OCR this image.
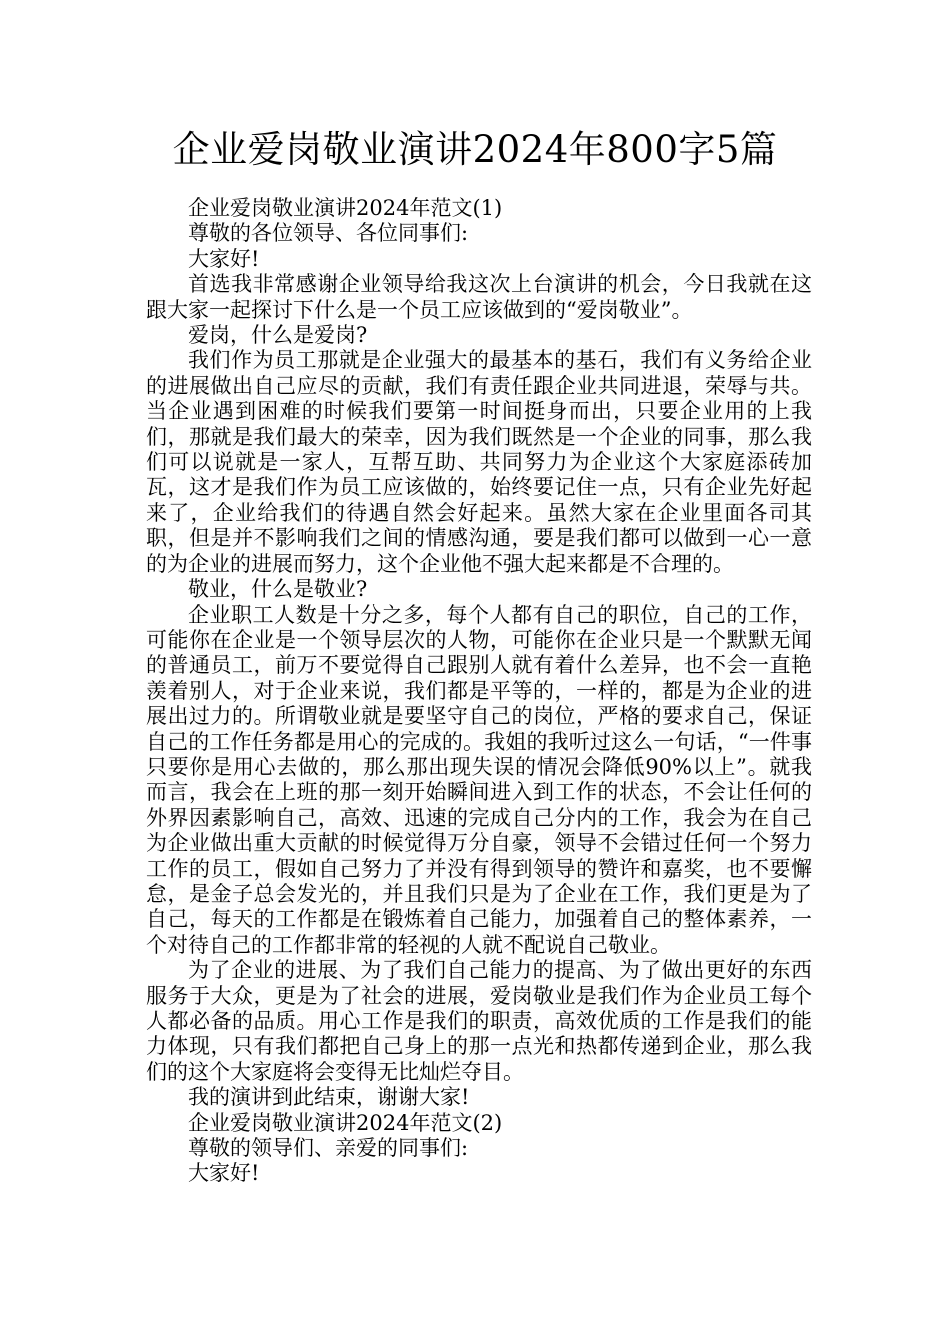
企业爱岗敬业演讲2024年800字5篇

企业爱岗敬业演讲2024年范文(1)

尊敬的各位领导、各位同事们:

大家好!

首选我非常感谢企业领导给我这次上台演讲的机会，今日我就在这跟大家一起探讨下什么是一个员工应该做到的“爱岗敬业”。

爱岗，什么是爱岗?

我们作为员工那就是企业强大的最基本的基石，我们有义务给企业的进展做出自己应尽的贡献，我们有责任跟企业共同进退，荣辱与共。当企业遇到困难的时候我们要第一时间挺身而出，只要企业用的上我们，那就是我们最大的荣幸，因为我们既然是一个企业的同事，那么我们可以说就是一家人，互帮互助、共同努力为企业这个大家庭添砖加瓦，这才是我们作为员工应该做的，始终要记住一点，只有企业先好起来了，企业给我们的待遇自然会好起来。虽然大家在企业里面各司其职，但是并不影响我们之间的情感沟通，要是我们都可以做到一心一意的为企业的进展而努力，这个企业他不强大起来都是不合理的。

敬业，什么是敬业?

企业职工人数是十分之多，每个人都有自己的职位，自己的工作，可能你在企业是一个领导层次的人物，可能你在企业只是一个默默无闻的普通员工，前万不要觉得自己跟别人就有着什么差异，也不会一直艳羡着别人，对于企业来说，我们都是平等的，一样的，都是为企业的进展出过力的。所谓敬业就是要坚守自己的岗位，严格的要求自己，保证自己的工作任务都是用心的完成的。我姐的我听过这么一句话，“一件事只要你是用心去做的，那么那出现失误的情况会降低90%以上”。就我而言，我会在上班的那一刻开始瞬间进入到工作的状态，不会让任何的外界因素影响自己，高效、迅速的完成自己分内的工作，我会为在自己为企业做出重大贡献的时候觉得万分自豪，领导不会错过任何一个努力工作的员工，假如自己努力了并没有得到领导的赞许和嘉奖，也不要懈怠，是金子总会发光的，并且我们只是为了企业在工作，我们更是为了自己，每天的工作都是在锻炼着自己能力，加强着自己的整体素养，一个对待自己的工作都非常的轻视的人就不配说自己敬业。

为了企业的进展、为了我们自己能力的提高、为了做出更好的东西服务于大众，更是为了社会的进展，爱岗敬业是我们作为企业员工每个人都必备的品质。用心工作是我们的职责，高效优质的工作是我们的能力体现，只有我们都把自己身上的那一点光和热都传递到企业，那么我们的这个大家庭将会变得无比灿烂夺目。

我的演讲到此结束，谢谢大家!

企业爱岗敬业演讲2024年范文(2)

尊敬的领导们、亲爱的同事们:

大家好!
